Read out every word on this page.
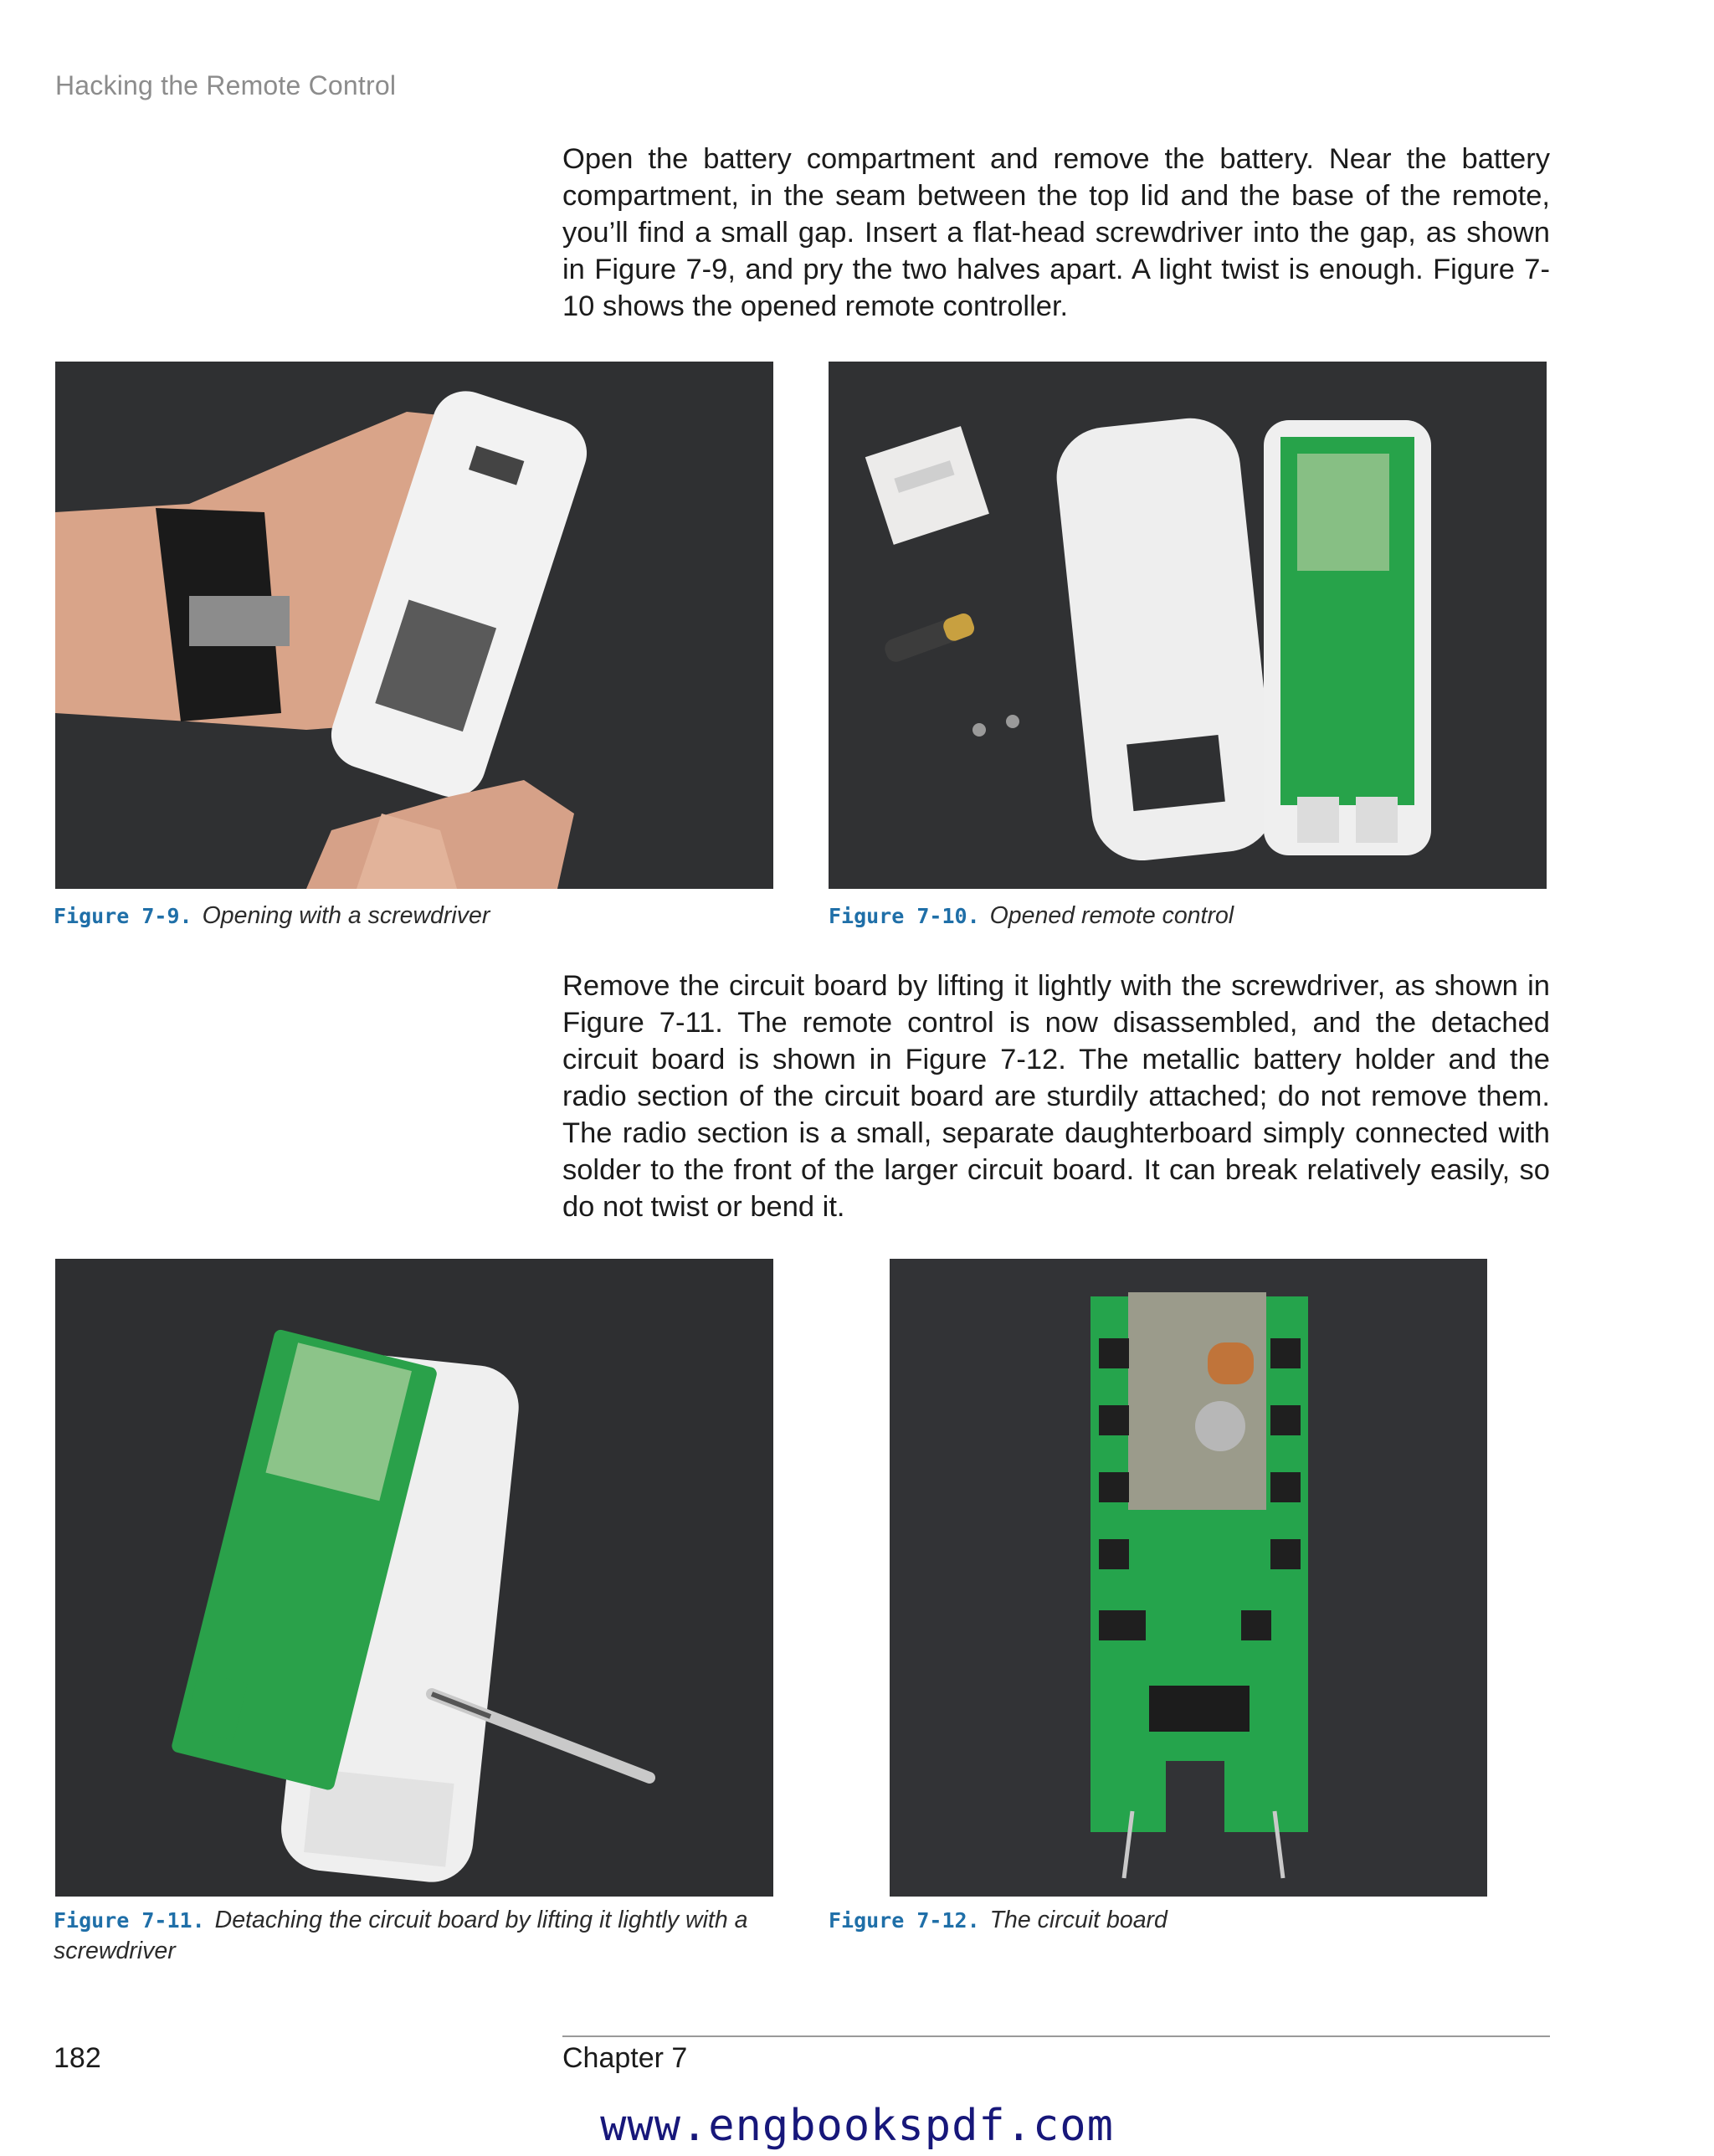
Hacking the Remote Control

Open the battery compartment and remove the battery. Near the battery compartment, in the seam between the top lid and the base of the remote, you’ll find a small gap. Insert a flat-head screwdriver into the gap, as shown in Figure 7-9, and pry the two halves apart. A light twist is enough. Figure 7-10 shows the opened remote controller.

Figure 7-9. Opening with a screwdriver	Figure 7-10. Opened remote control

Remove the circuit board by lifting it lightly with the screwdriver, as shown in Figure 7-11. The remote control is now disassembled, and the detached circuit board is shown in Figure 7-12. The metallic battery holder and the radio section of the circuit board are sturdily attached; do not remove them. The radio section is a small, separate daughterboard simply connected with solder to the front of the larger circuit board. It can break relatively easily, so do not twist or bend it.

Figure 7-11. Detaching the circuit board by lifting it lightly with a screwdriver
Figure 7-12. The circuit board
182	Chapter 7
www.engbookspdf.com
